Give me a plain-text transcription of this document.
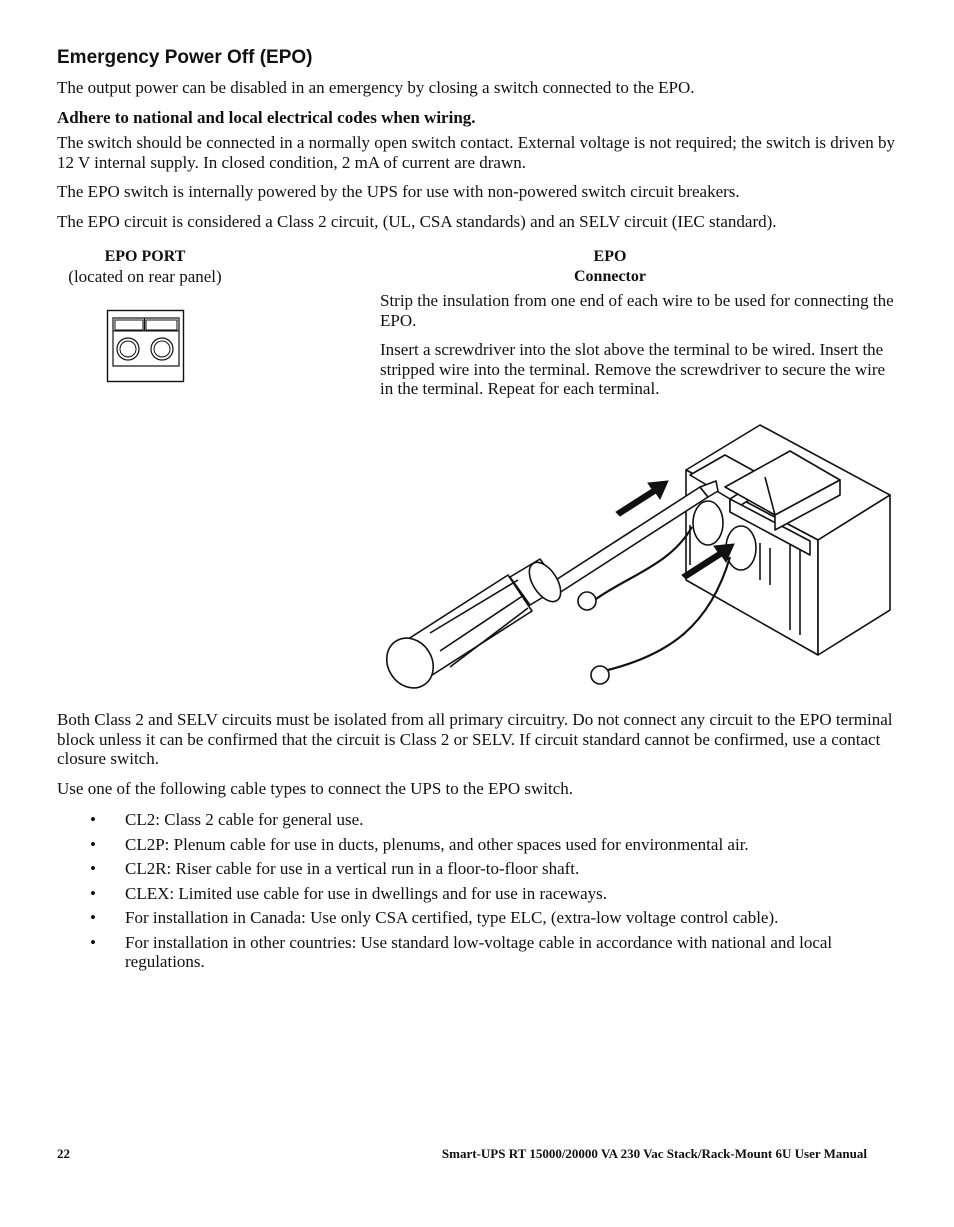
Emergency Power Off (EPO)
The output power can be disabled in an emergency by closing a switch connected to the EPO.
Adhere to national and local electrical codes when wiring.
The switch should be connected in a normally open switch contact. External voltage is not required; the switch is driven by 12 V internal supply. In closed condition, 2 mA of current are drawn.
The EPO switch is internally powered by the UPS for use with non-powered switch circuit breakers.
The EPO circuit is considered a Class 2 circuit, (UL, CSA standards) and an SELV circuit (IEC standard).
EPO PORT
(located on rear panel)
EPO
Connector
Strip the insulation from one end of each wire to be used for connecting the EPO.
Insert a screwdriver into the slot above the terminal to be wired. Insert the stripped wire into the terminal. Remove the screwdriver to secure the wire in the terminal. Repeat for each terminal.
Both Class 2 and SELV circuits must be isolated from all primary circuitry. Do not connect any circuit to the EPO terminal block unless it can be confirmed that the circuit is Class 2 or SELV. If circuit standard cannot be confirmed, use a contact closure switch.
Use one of the following cable types to connect the UPS to the EPO switch.
• CL2: Class 2 cable for general use.
• CL2P: Plenum cable for use in ducts, plenums, and other spaces used for environmental air.
• CL2R: Riser cable for use in a vertical run in a floor-to-floor shaft.
• CLEX: Limited use cable for use in dwellings and for use in raceways.
• For installation in Canada: Use only CSA certified, type ELC, (extra-low voltage control cable).
• For installation in other countries: Use standard low-voltage cable in accordance with national and local regulations.
22	Smart-UPS RT 15000/20000 VA 230 Vac Stack/Rack-Mount 6U User Manual
